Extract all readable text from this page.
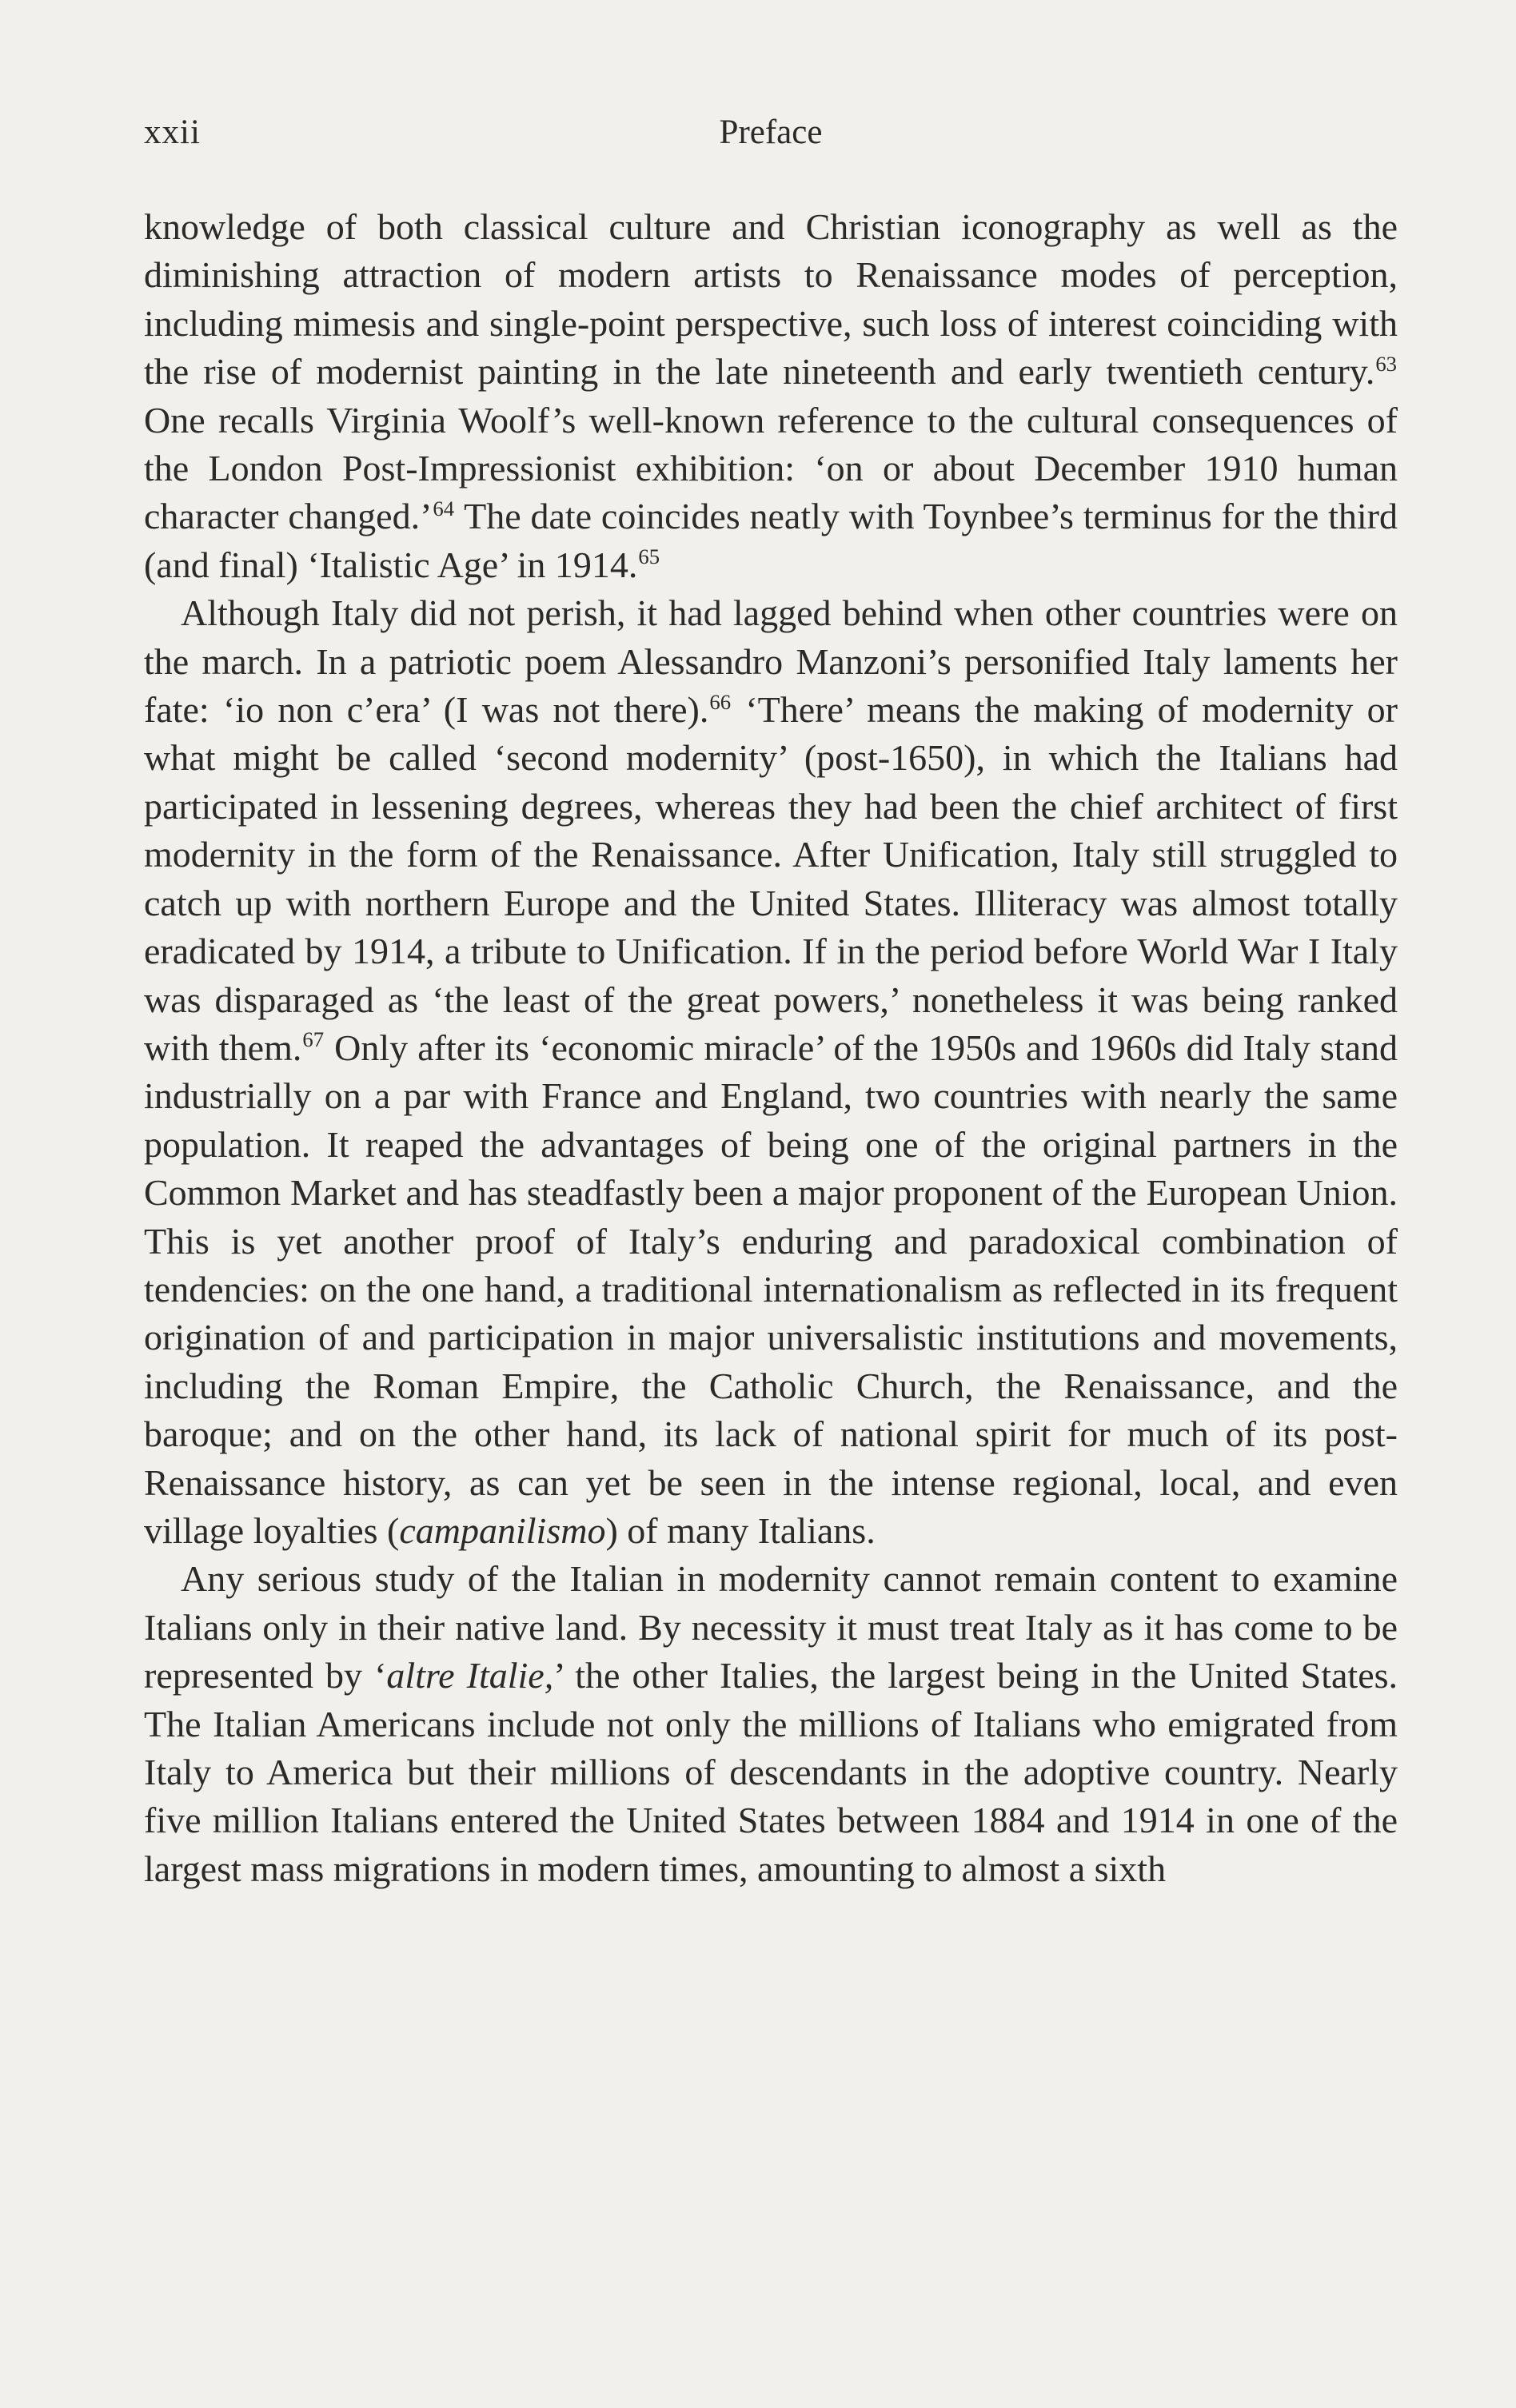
xxii	Preface

knowledge of both classical culture and Christian iconography as well as the diminishing attraction of modern artists to Renaissance modes of perception, including mimesis and single-point perspective, such loss of interest coinciding with the rise of modernist painting in the late nineteenth and early twentieth century.$^{63}$ One recalls Virginia Woolf’s well-known reference to the cultural consequences of the London Post-Impressionist exhibition: ‘on or about December 1910 human character changed.’$^{64}$ The date coincides neatly with Toynbee’s terminus for the third (and final) ‘Italistic Age’ in 1914.65

Although Italy did not perish, it had lagged behind when other countries were on the march. In a patriotic poem Alessandro Manzoni’s personified Italy laments her fate: ‘io non c’era’ (I was not there).$^{66}$ ‘There’ means the making of modernity or what might be called ‘second modernity’ (post-1650), in which the Italians had participated in lessening degrees, whereas they had been the chief architect of first modernity in the form of the Renaissance. After Unification, Italy still struggled to catch up with northern Europe and the United States. Illiteracy was almost totally eradicated by 1914, a tribute to Unification. If in the period before World War I Italy was disparaged as ‘the least of the great powers,’ nonetheless it was being ranked with them.$^{67}$ Only after its ‘economic miracle’ of the 1950s and 1960s did Italy stand industrially on a par with France and England, two countries with nearly the same population. It reaped the advantages of being one of the original partners in the Common Market and has steadfastly been a major proponent of the European Union. This is yet another proof of Italy’s enduring and paradoxical combination of tendencies: on the one hand, a traditional internationalism as reflected in its frequent origination of and participation in major universalistic institutions and movements, including the Roman Empire, the Catholic Church, the Renaissance, and the baroque; and on the other hand, its lack of national spirit for much of its post-Renaissance history, as can yet be seen in the intense regional, local, and even village loyalties (campanilismo) of many Italians.

Any serious study of the Italian in modernity cannot remain content to examine Italians only in their native land. By necessity it must treat Italy as it has come to be represented by ‘altre Italie,’ the other Italies, the largest being in the United States. The Italian Americans include not only the millions of Italians who emigrated from Italy to America but their millions of descendants in the adoptive country. Nearly five million Italians entered the United States between 1884 and 1914 in one of the largest mass migrations in modern times, amounting to almost a sixth
